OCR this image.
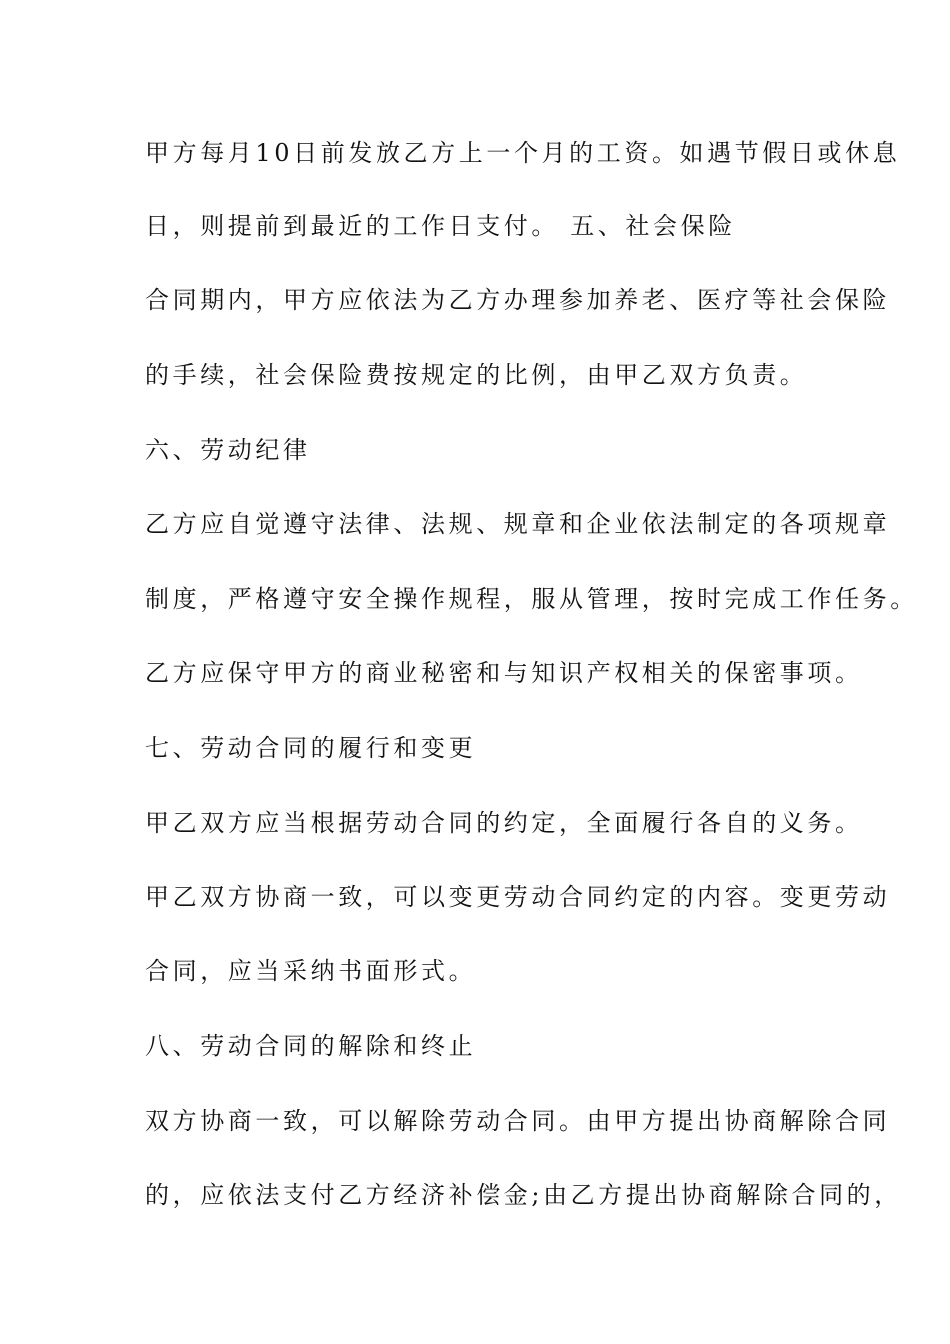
甲方每月10日前发放乙方上一个月的工资。如遇节假日或休息

日，则提前到最近的工作日支付。 五、社会保险

合同期内，甲方应依法为乙方办理参加养老、医疗等社会保险

的手续，社会保险费按规定的比例，由甲乙双方负责。

六、劳动纪律

乙方应自觉遵守法律、法规、规章和企业依法制定的各项规章

制度，严格遵守安全操作规程，服从管理，按时完成工作任务。

乙方应保守甲方的商业秘密和与知识产权相关的保密事项。

七、劳动合同的履行和变更

甲乙双方应当根据劳动合同的约定，全面履行各自的义务。

甲乙双方协商一致，可以变更劳动合同约定的内容。变更劳动

合同，应当采纳书面形式。

八、劳动合同的解除和终止

双方协商一致，可以解除劳动合同。由甲方提出协商解除合同

的，应依法支付乙方经济补偿金;由乙方提出协商解除合同的，
